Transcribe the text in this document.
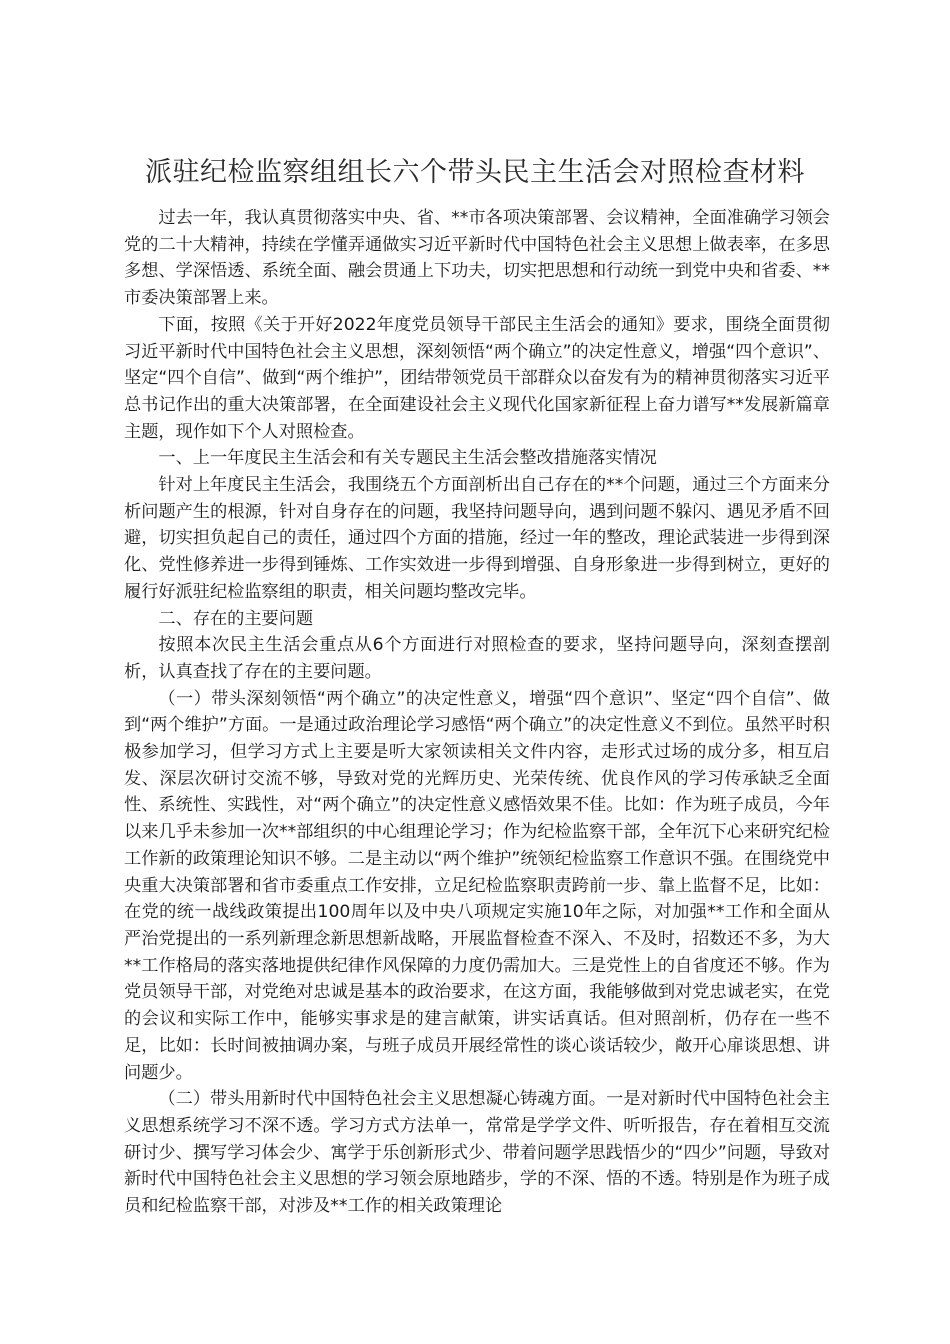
派驻纪检监察组组长六个带头民主生活会对照检查材料

过去一年，我认真贯彻落实中央、省、**市各项决策部署、会议精神，全面准确学习领会党的二十大精神，持续在学懂弄通做实习近平新时代中国特色社会主义思想上做表率，在多思多想、学深悟透、系统全面、融会贯通上下功夫，切实把思想和行动统一到党中央和省委、**市委决策部署上来。

下面，按照《关于开好2022年度党员领导干部民主生活会的通知》要求，围绕全面贯彻习近平新时代中国特色社会主义思想，深刻领悟“两个确立”的决定性意义，增强“四个意识”、坚定“四个自信”、做到“两个维护”，团结带领党员干部群众以奋发有为的精神贯彻落实习近平总书记作出的重大决策部署，在全面建设社会主义现代化国家新征程上奋力谱写**发展新篇章主题，现作如下个人对照检查。

一、上一年度民主生活会和有关专题民主生活会整改措施落实情况

针对上年度民主生活会，我围绕五个方面剖析出自己存在的**个问题，通过三个方面来分析问题产生的根源，针对自身存在的问题，我坚持问题导向，遇到问题不躲闪、遇见矛盾不回避，切实担负起自己的责任，通过四个方面的措施，经过一年的整改，理论武装进一步得到深化、党性修养进一步得到锤炼、工作实效进一步得到增强、自身形象进一步得到树立，更好的履行好派驻纪检监察组的职责，相关问题均整改完毕。

二、存在的主要问题

按照本次民主生活会重点从6个方面进行对照检查的要求，坚持问题导向，深刻查摆剖析，认真查找了存在的主要问题。

（一）带头深刻领悟“两个确立”的决定性意义，增强“四个意识”、坚定“四个自信”、做到“两个维护”方面。一是通过政治理论学习感悟“两个确立”的决定性意义不到位。虽然平时积极参加学习，但学习方式上主要是听大家领读相关文件内容，走形式过场的成分多，相互启发、深层次研讨交流不够，导致对党的光辉历史、光荣传统、优良作风的学习传承缺乏全面性、系统性、实践性，对“两个确立”的决定性意义感悟效果不佳。比如：作为班子成员，今年以来几乎未参加一次**部组织的中心组理论学习；作为纪检监察干部，全年沉下心来研究纪检工作新的政策理论知识不够。二是主动以“两个维护”统领纪检监察工作意识不强。在围绕党中央重大决策部署和省市委重点工作安排，立足纪检监察职责跨前一步、靠上监督不足，比如：在党的统一战线政策提出100周年以及中央八项规定实施10年之际，对加强**工作和全面从严治党提出的一系列新理念新思想新战略，开展监督检查不深入、不及时，招数还不多，为大**工作格局的落实落地提供纪律作风保障的力度仍需加大。三是党性上的自省度还不够。作为党员领导干部，对党绝对忠诚是基本的政治要求，在这方面，我能够做到对党忠诚老实，在党的会议和实际工作中，能够实事求是的建言献策，讲实话真话。但对照剖析，仍存在一些不足，比如：长时间被抽调办案，与班子成员开展经常性的谈心谈话较少，敞开心扉谈思想、讲问题少。

（二）带头用新时代中国特色社会主义思想凝心铸魂方面。一是对新时代中国特色社会主义思想系统学习不深不透。学习方式方法单一，常常是学学文件、听听报告，存在着相互交流研讨少、撰写学习体会少、寓学于乐创新形式少、带着问题学思践悟少的“四少”问题，导致对新时代中国特色社会主义思想的学习领会原地踏步，学的不深、悟的不透。特别是作为班子成员和纪检监察干部，对涉及**工作的相关政策理论
